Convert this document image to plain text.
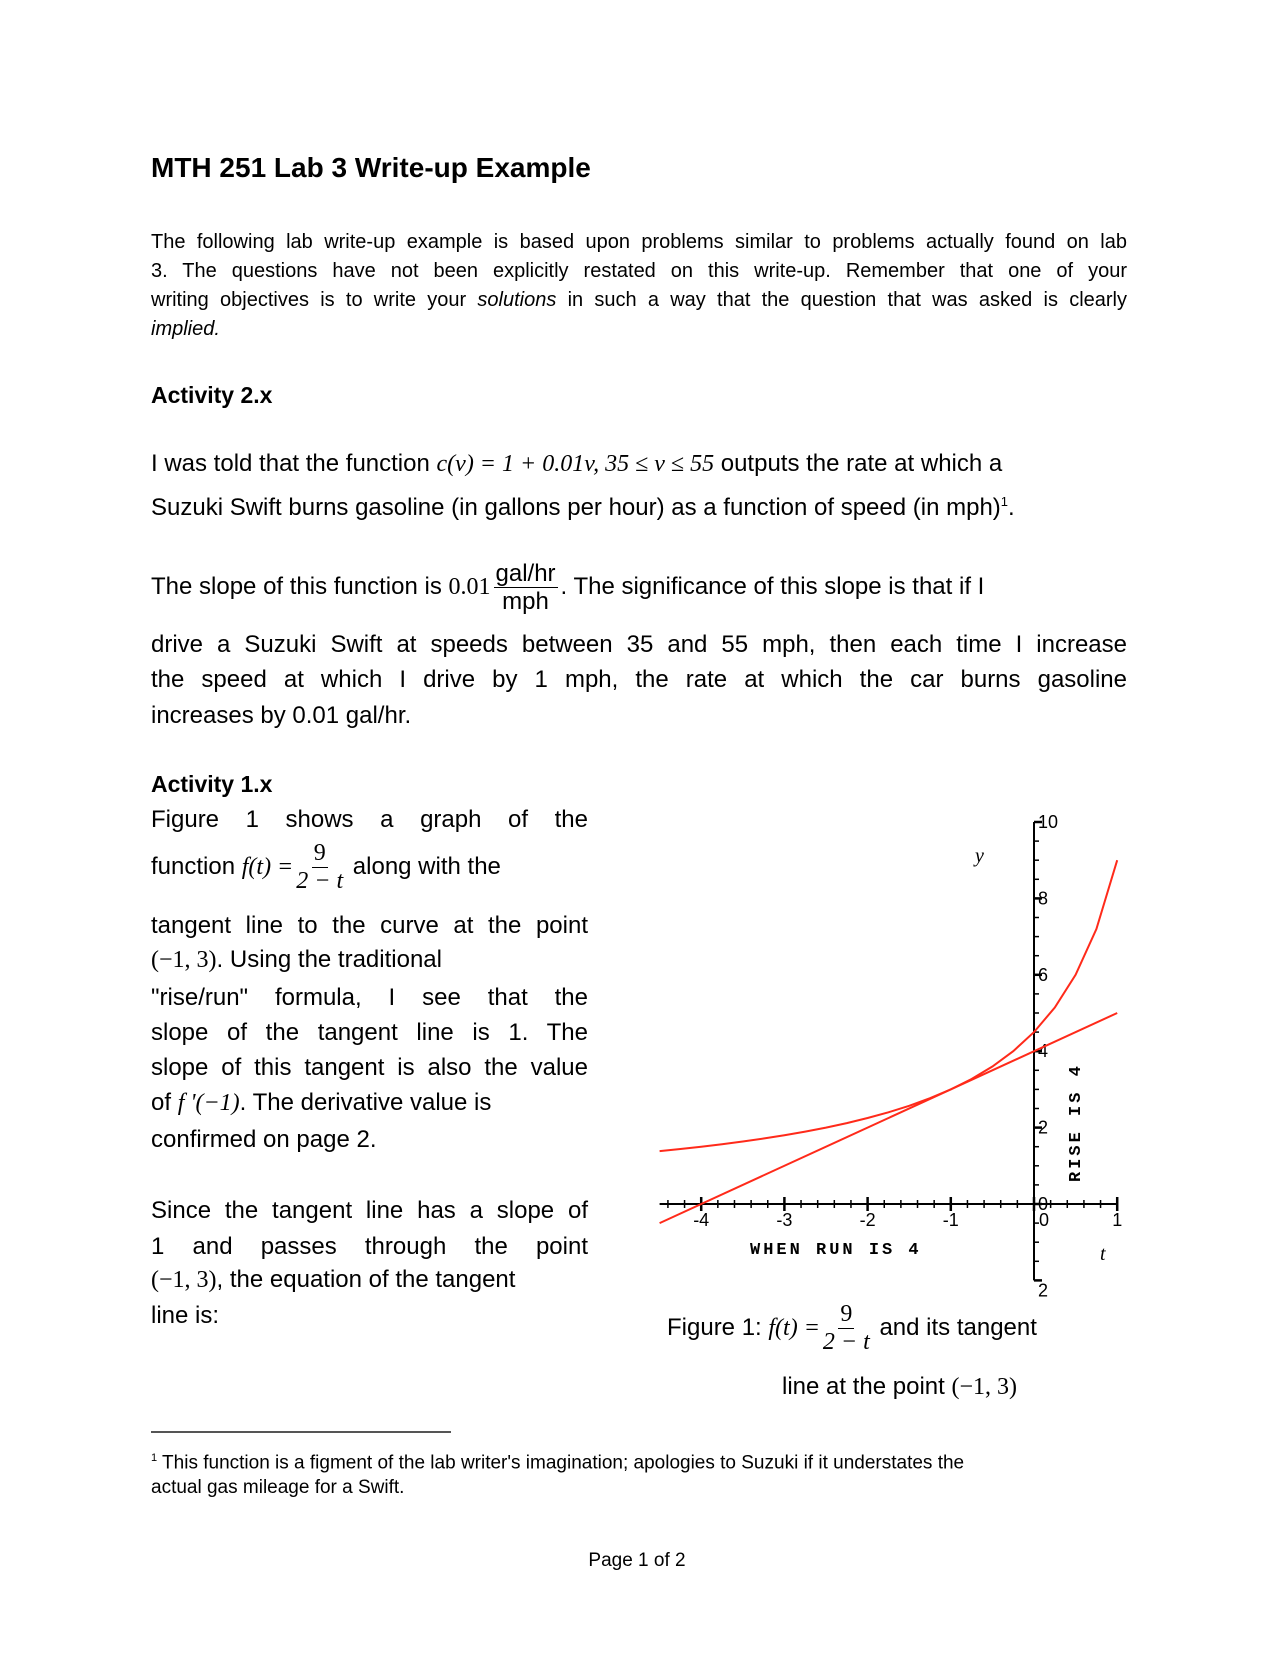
MTH 251 Lab 3 Write-up Example
The following lab write-up example is based upon problems similar to problems actually found on lab
3. The questions have not been explicitly restated on this write-up. Remember that one of your
writing objectives is to write your solutions in such a way that the question that was asked is clearly
implied.
Activity 2.x
I was told that the function c(v) = 1 + 0.01v, 35 ≤ v ≤ 55 outputs the rate at which a
Suzuki Swift burns gasoline (in gallons per hour) as a function of speed (in mph)$^1$.
The slope of this function is $0.01 \frac{\text{gal/hr}}{\text{mph}}$ . The significance of this slope is that if I
drive a Suzuki Swift at speeds between 35 and 55 mph, then each time I increase
the speed at which I drive by 1 mph, the rate at which the car burns gasoline
increases by 0.01 gal/hr.
Activity 1.x
Figure 1 shows a graph of the
function $f(t) = \frac{9}{2 - t}$ along with the
tangent line to the curve at the point
(−1, 3). Using the traditional
"rise/run" formula, I see that the
slope of the tangent line is 1. The
slope of this tangent is also the value
of f '(−1). The derivative value is
confirmed on page 2.
Since the tangent line has a slope of
1 and passes through the point
(−1, 3), the equation of the tangent
line is:	Figure 1: $f(t) = \frac{9}{2 - t}$ and its tangent
line at the point (−1, 3)
$^1$ This function is a figment of the lab writer's imagination; apologies to Suzuki if it understates the
actual gas mileage for a Swift.
Page 1 of 2
-4	-3	-2	-1	0	1
10
8
6
4
2
0
2
y
t
WHEN RUN IS 4
RISE IS 4
